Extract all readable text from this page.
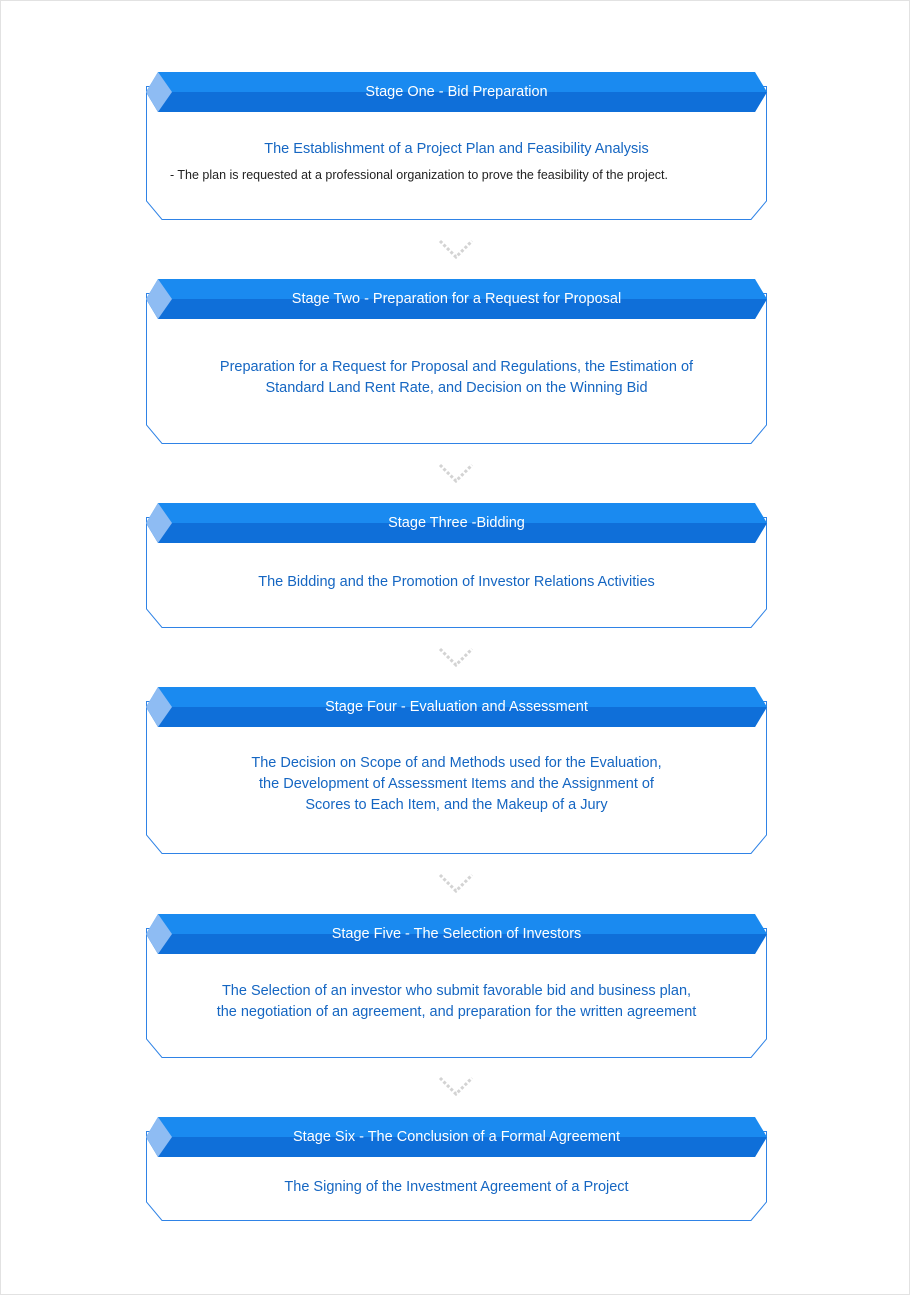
Stage One - Bid Preparation

The Establishment of a Project Plan and Feasibility Analysis

- The plan is requested at a professional organization to prove the feasibility of the project.

Stage Two - Preparation for a Request for Proposal

Preparation for a Request for Proposal and Regulations, the Estimation of

Standard Land Rent Rate, and Decision on the Winning Bid

Stage Three -Bidding

The Bidding and the Promotion of Investor Relations Activities

Stage Four - Evaluation and Assessment

The Decision on Scope of and Methods used for the Evaluation,

the Development of Assessment Items and the Assignment of

Scores to Each Item, and the Makeup of a Jury

Stage Five - The Selection of Investors

The Selection of an investor who submit favorable bid and business plan,

the negotiation of an agreement, and preparation for the written agreement

Stage Six - The Conclusion of a Formal Agreement

The Signing of the Investment Agreement of a Project
